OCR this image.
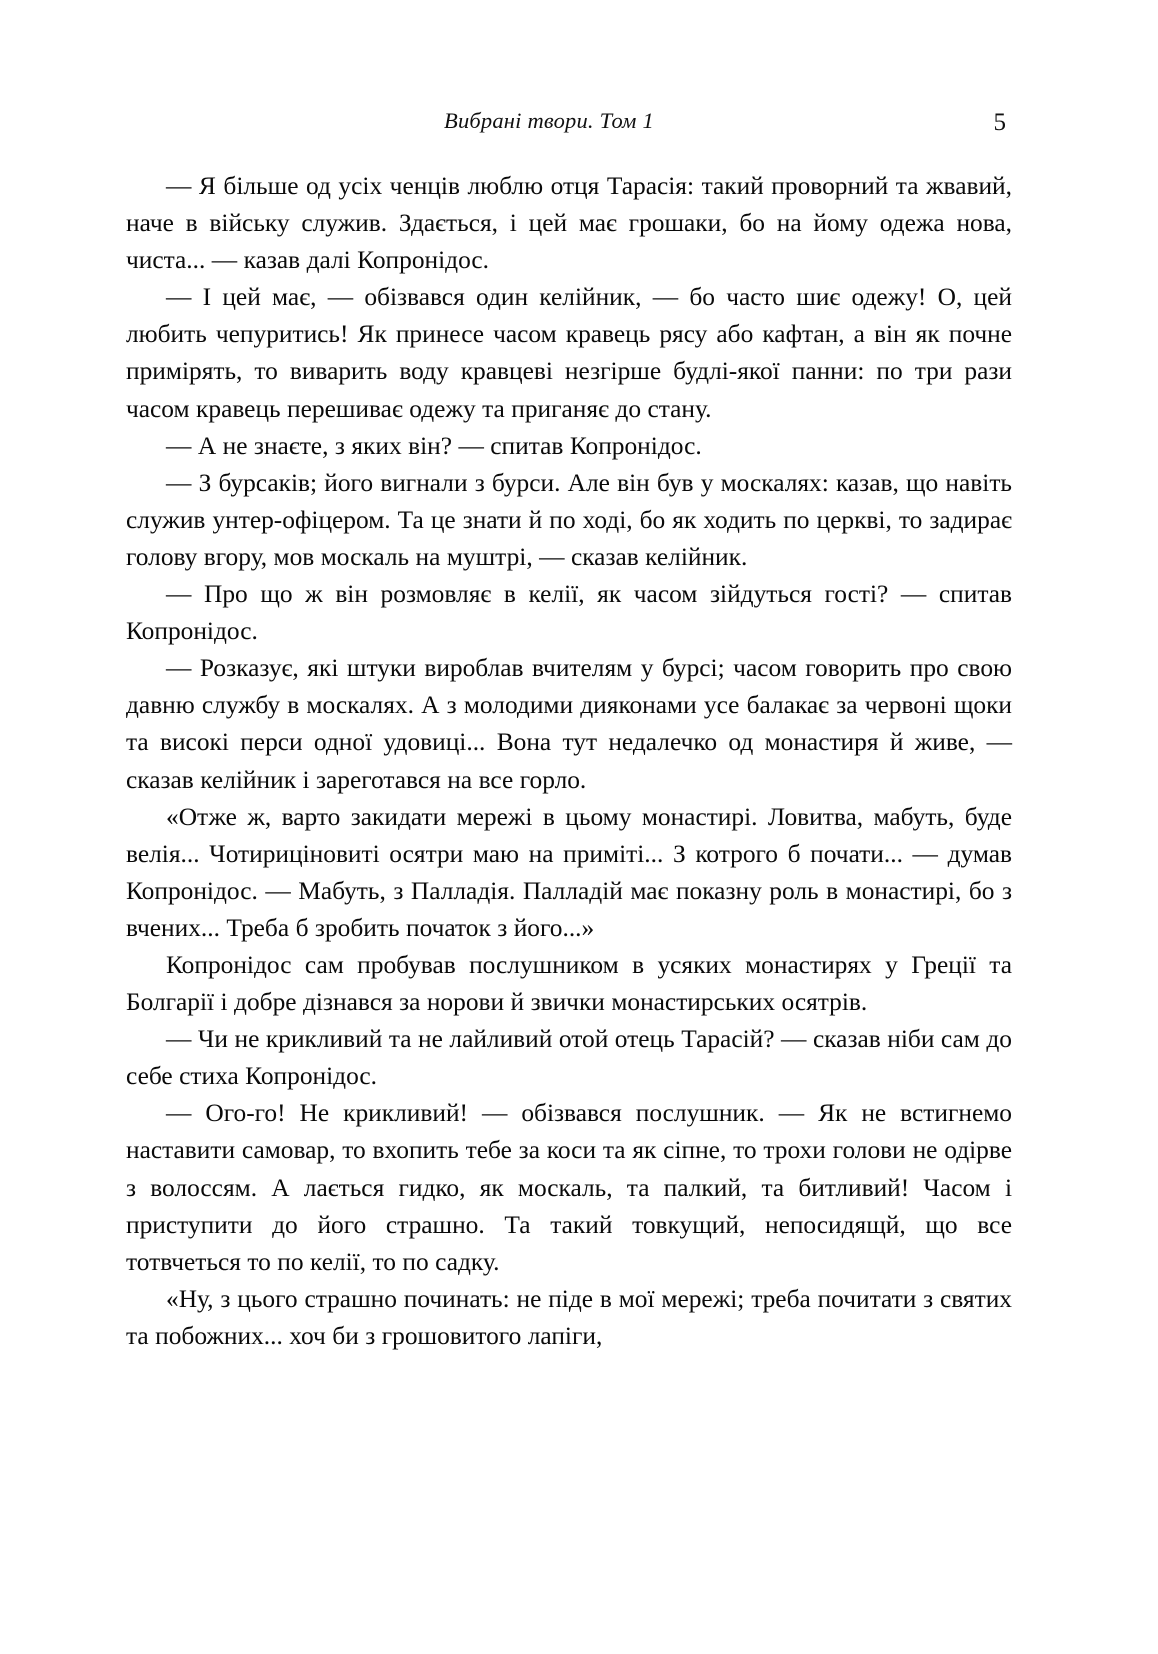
Вибрані твори. Том 1	5

— Я більше од усіх ченців люблю отця Тарасія: такий проворний та жвавий, наче в війську служив. Здається, і цей має грошаки, бо на йому одежа нова, чиста... — казав далі Копронідос.

— І цей має, — обізвався один келійник, — бо часто шиє одежу! О, цей любить чепуритись! Як принесе часом кравець рясу або кафтан, а він як почне примірять, то виварить воду кравцеві незгірше будлі-якої панни: по три рази часом кравець перешиває одежу та приганяє до стану.

— А не знаєте, з яких він? — спитав Копронідос.

— З бурсаків; його вигнали з бурси. Але він був у москалях: казав, що навіть служив унтер-офіцером. Та це знати й по ході, бо як ходить по церкві, то задирає голову вгору, мов москаль на муштрі, — сказав келійник.

— Про що ж він розмовляє в келії, як часом зійдуться гості? — спитав Копронідос.

— Розказує, які штуки вироблав вчителям у бурсі; часом говорить про свою давню службу в москалях. А з молодими дияконами усе балакає за червоні щоки та високі перси одної удовиці... Вона тут недалечко од монастиря й живе, — сказав келійник і зареготався на все горло.

«Отже ж, варто закидати мережі в цьому монастирі. Ловитва, мабуть, буде велія... Чотириціновиті осятри маю на приміті... З котрого б почати... — думав Копронідос. — Мабуть, з Палладія. Палладій має показну роль в монастирі, бо з вчених... Треба б зробить початок з його...»

Копронідос сам пробував послушником в усяких монастирях у Греції та Болгарії і добре дізнався за норови й звички монастирських осятрів.

— Чи не крикливий та не лайливий отой отець Тарасій? — сказав ніби сам до себе стиха Копронідос.

— Ого-го! Не крикливий! — обізвався послушник. — Як не встигнемо наставити самовар, то вхопить тебе за коси та як сіпне, то трохи голови не одірве з волоссям. А лається гидко, як москаль, та палкий, та битливий! Часом і приступити до його страшно. Та такий товкущий, непосидящй, що все тотвчеться то по келії, то по садку.

«Ну, з цього страшно починать: не піде в мої мережі; треба почитати з святих та побожних... хоч би з грошовитого лапіги,
